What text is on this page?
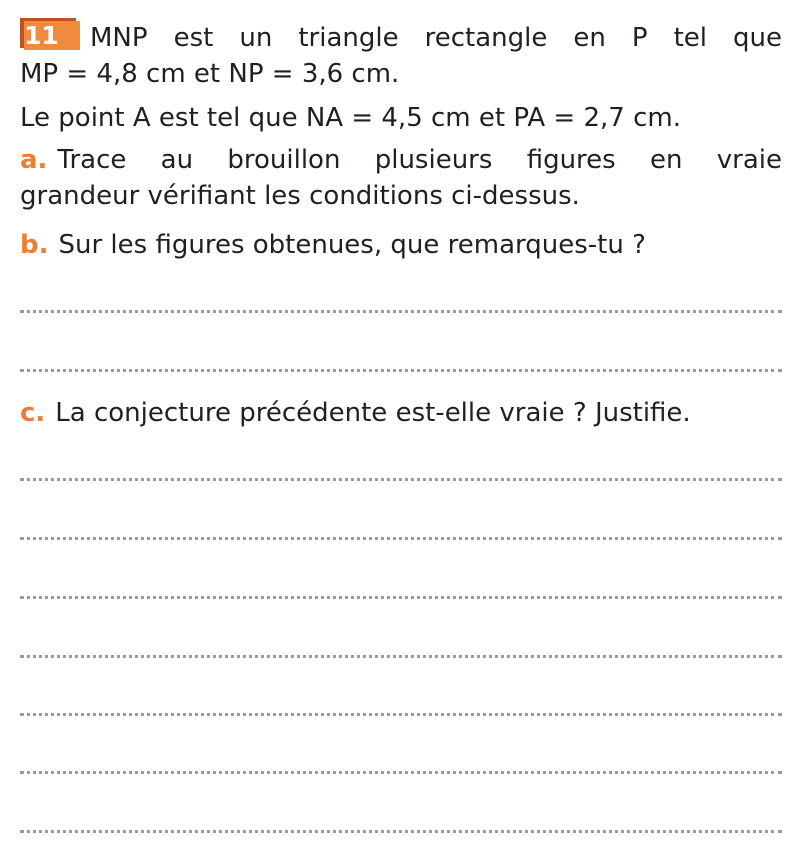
11	MNP est un triangle rectangle en P tel que
MP = 4,8 cm et NP = 3,6 cm.
Le point A est tel que NA = 4,5 cm et PA = 2,7 cm.
a. Trace au brouillon plusieurs figures en vraie
grandeur vérifiant les conditions ci-dessus.
b. Sur les figures obtenues, que remarques-tu ?
c. La conjecture précédente est-elle vraie ? Justifie.
